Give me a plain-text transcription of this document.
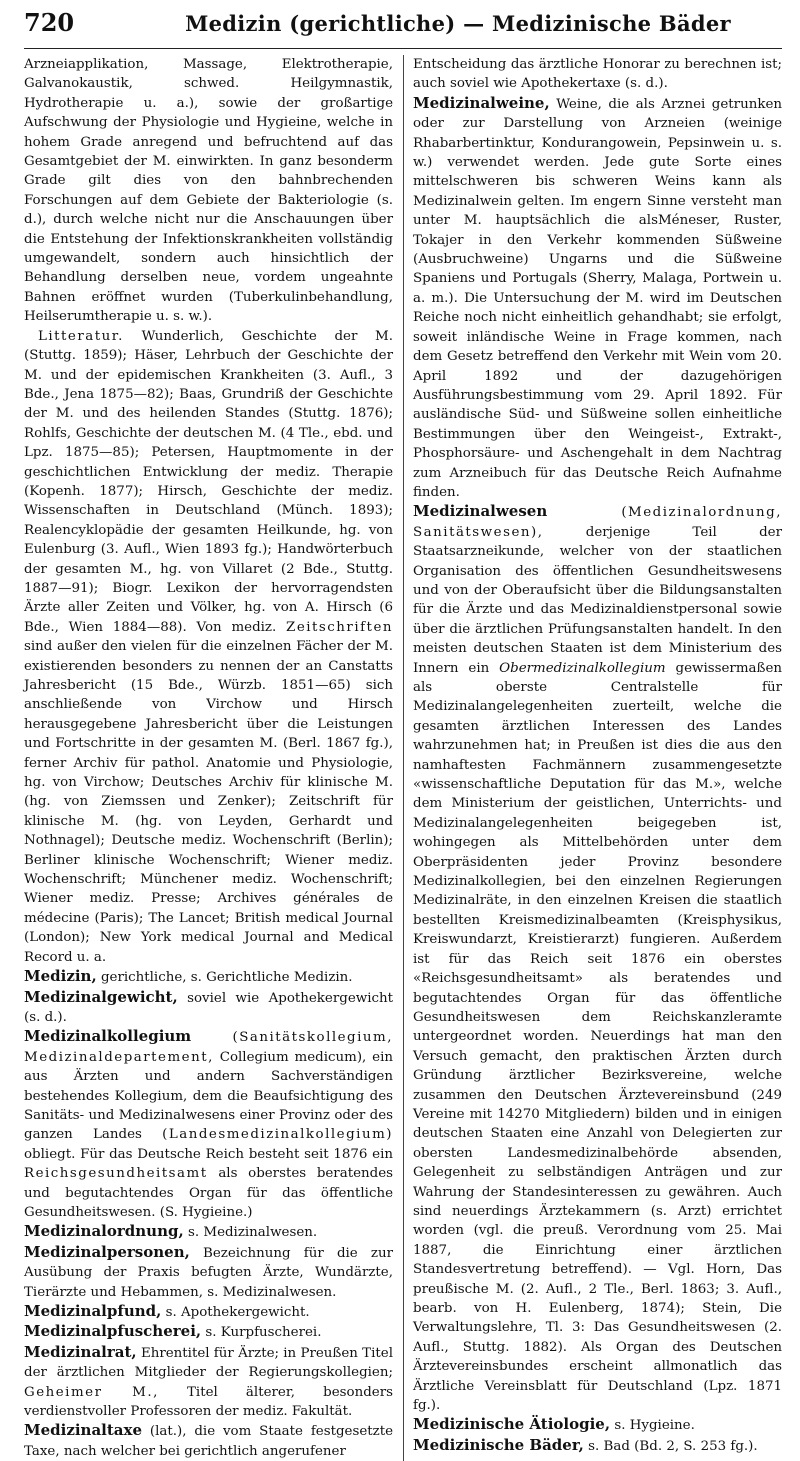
720	Medizin (gerichtliche) — Medizinische Bäder

Arzneiapplikation, Massage, Elektrotherapie, Galvanokaustik, schwed. Heilgymnastik, Hydrotherapie u. a.), sowie der großartige Aufschwung der Physiologie und Hygieine, welche in hohem Grade anregend und befruchtend auf das Gesamtgebiet der M. einwirkten. In ganz besonderm Grade gilt dies von den bahnbrechenden Forschungen auf dem Gebiete der Bakteriologie (s. d.), durch welche nicht nur die Anschauungen über die Entstehung der Infektionskrankheiten vollständig umgewandelt, sondern auch hinsichtlich der Behandlung derselben neue, vordem ungeahnte Bahnen eröffnet wurden (Tuberkulinbehandlung, Heilserumtherapie u. s. w.).

Litteratur. Wunderlich, Geschichte der M. (Stuttg. 1859); Häser, Lehrbuch der Geschichte der M. und der epidemischen Krankheiten (3. Aufl., 3 Bde., Jena 1875—82); Baas, Grundriß der Geschichte der M. und des heilenden Standes (Stuttg. 1876); Rohlfs, Geschichte der deutschen M. (4 Tle., ebd. und Lpz. 1875—85); Petersen, Hauptmomente in der geschichtlichen Entwicklung der mediz. Therapie (Kopenh. 1877); Hirsch, Geschichte der mediz. Wissenschaften in Deutschland (Münch. 1893); Realencyklopädie der gesamten Heilkunde, hg. von Eulenburg (3. Aufl., Wien 1893 fg.); Handwörterbuch der gesamten M., hg. von Villaret (2 Bde., Stuttg. 1887—91); Biogr. Lexikon der hervorragendsten Ärzte aller Zeiten und Völker, hg. von A. Hirsch (6 Bde., Wien 1884—88). Von mediz. Zeitschriften sind außer den vielen für die einzelnen Fächer der M. existierenden besonders zu nennen der an Canstatts Jahresbericht (15 Bde., Würzb. 1851—65) sich anschließende von Virchow und Hirsch herausgegebene Jahresbericht über die Leistungen und Fortschritte in der gesamten M. (Berl. 1867 fg.), ferner Archiv für pathol. Anatomie und Physiologie, hg. von Virchow; Deutsches Archiv für klinische M. (hg. von Ziemssen und Zenker); Zeitschrift für klinische M. (hg. von Leyden, Gerhardt und Nothnagel); Deutsche mediz. Wochenschrift (Berlin); Berliner klinische Wochenschrift; Wiener mediz. Wochenschrift; Münchener mediz. Wochenschrift; Wiener mediz. Presse; Archives générales de médecine (Paris); The Lancet; British medical Journal (London); New York medical Journal and Medical Record u. a.

Medizin, gerichtliche, s. Gerichtliche Medizin.

Medizinalgewicht, soviel wie Apothekergewicht (s. d.).

Medizinalkollegium	(Sanitätskollegium, Medizinaldepartement, Collegium medicum), ein aus Ärzten und andern Sachverständigen bestehendes Kollegium, dem die Beaufsichtigung des Sanitäts- und Medizinalwesens einer Provinz oder des ganzen Landes (Landesmedizinalkollegium) obliegt. Für das Deutsche Reich besteht seit 1876 ein Reichsgesundheitsamt als oberstes beratendes und begutachtendes Organ für das öffentliche Gesundheitswesen. (S. Hygieine.)

Medizinalordnung, s. Medizinalwesen.

Medizinalpersonen, Bezeichnung für die zur Ausübung der Praxis befugten Ärzte, Wundärzte, Tierärzte und Hebammen, s. Medizinalwesen.

Medizinalpfund, s. Apothekergewicht.

Medizinalpfuscherei, s. Kurpfuscherei.

Medizinalrat, Ehrentitel für Ärzte; in Preußen Titel der ärztlichen Mitglieder der Regierungskollegien; Geheimer M., Titel älterer, besonders verdienstvoller Professoren der mediz. Fakultät.

Medizinaltaxe (lat.), die vom Staate festgesetzte Taxe, nach welcher bei gerichtlich angerufener

Entscheidung das ärztliche Honorar zu berechnen ist; auch soviel wie Apothekertaxe (s. d.).

Medizinalweine, Weine, die als Arznei getrunken oder zur Darstellung von Arzneien (weinige Rhabarbertinktur, Kondurangowein, Pepsinwein u. s. w.) verwendet werden. Jede gute Sorte eines mittelschweren bis schweren Weins kann als Medizinalwein gelten. Im engern Sinne versteht man unter M. hauptsächlich die alsMéneser, Ruster, Tokajer in den Verkehr kommenden Süßweine (Ausbruchweine) Ungarns und die Süßweine Spaniens und Portugals (Sherry, Malaga, Portwein u. a. m.). Die Untersuchung der M. wird im Deutschen Reiche noch nicht einheitlich gehandhabt; sie erfolgt, soweit inländische Weine in Frage kommen, nach dem Gesetz betreffend den Verkehr mit Wein vom 20. April 1892 und der dazugehörigen Ausführungsbestimmung vom 29. April 1892. Für ausländische Süd- und Süßweine sollen einheitliche Bestimmungen über den Weingeist-, Extrakt-, Phosphorsäure- und Aschengehalt in dem Nachtrag zum Arzneibuch für das Deutsche Reich Aufnahme finden.

Medizinalwesen	(Medizinalordnung, Sanitätswesen),	derjenige Teil der Staatsarzneikunde, welcher von der staatlichen Organisation des öffentlichen Gesundheitswesens und von der Oberaufsicht über die Bildungsanstalten für die Ärzte und das Medizinaldienstpersonal sowie über die ärztlichen Prüfungsanstalten handelt. In den meisten deutschen Staaten ist dem Ministerium des Innern ein Obermedizinalkollegium gewissermaßen als oberste Centralstelle für Medizinalangelegenheiten zuerteilt, welche die gesamten ärztlichen Interessen des Landes wahrzunehmen hat; in Preußen ist dies die aus den namhaftesten Fachmännern zusammengesetzte «wissenschaftliche Deputation für das M.», welche dem Ministerium der geistlichen, Unterrichts- und Medizinalangelegenheiten beigegeben ist, wohingegen als Mittelbehörden unter dem Oberpräsidenten jeder Provinz besondere Medizinalkollegien, bei den einzelnen Regierungen Medizinalräte, in den einzelnen Kreisen die staatlich bestellten Kreismedizinalbeamten (Kreisphysikus, Kreiswundarzt, Kreistierarzt) fungieren. Außerdem ist für das Reich seit 1876 ein oberstes «Reichsgesundheitsamt» als beratendes und begutachtendes Organ für das öffentliche Gesundheitswesen dem Reichskanzleramte untergeordnet worden. Neuerdings hat man den Versuch gemacht, den praktischen Ärzten durch Gründung ärztlicher Bezirksvereine, welche zusammen den Deutschen Ärztevereinsbund (249 Vereine mit 14270 Mitgliedern) bilden und in einigen deutschen Staaten eine Anzahl von Delegierten zur obersten Landesmedizinalbehörde absenden, Gelegenheit zu selbständigen Anträgen und zur Wahrung der Standesinteressen zu gewähren. Auch sind neuerdings Ärztekammern (s. Arzt) errichtet worden (vgl. die preuß. Verordnung vom 25. Mai 1887, die Einrichtung einer ärztlichen Standesvertretung betreffend). — Vgl. Horn, Das preußische M. (2. Aufl., 2 Tle., Berl. 1863; 3. Aufl., bearb. von H. Eulenberg, 1874); Stein, Die Verwaltungslehre, Tl. 3: Das Gesundheitswesen (2. Aufl., Stuttg. 1882). Als Organ des Deutschen Ärztevereinsbundes erscheint allmonatlich das Ärztliche Vereinsblatt für Deutschland (Lpz. 1871 fg.).

Medizinische Ätiologie, s. Hygieine.

Medizinische Bäder, s. Bad (Bd. 2, S. 253 fg.).
